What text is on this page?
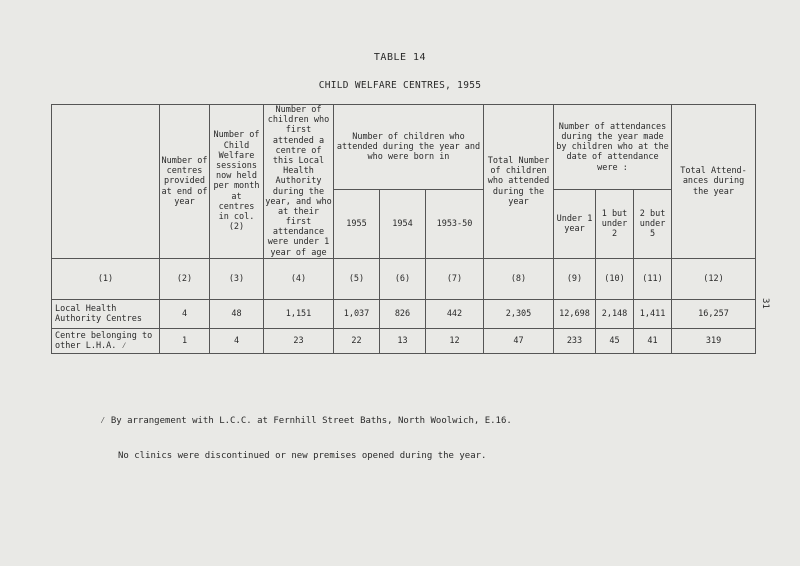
TABLE 14
CHILD WELFARE CENTRES, 1955
	Number of centres provided at end of year	Number of Child Welfare sessions now held per month at centres in col. (2)	Number of children who first attended a centre of this Local Health Authority during the year, and who at their first attendance were under 1 year of age	Number of children who attended during the year and who were born in			Total Number of children who attended during the year	Number of attendances during the year made by children who at the date of attendance were :			Total Attend- ances during the year
				1955	1954	1953-50		Under 1 year	1 but under 2	2 but under 5	
(1)	(2)	(3)	(4)	(5)	(6)	(7)	(8)	(9)	(10)	(11)	(12)
Local Health Authority Centres	4	48	1,151	1,037	826	442	2,305	12,698	2,148	1,411	16,257
Centre belonging to other L.H.A. ⁄	1	4	23	22	13	12	47	233	45	41	319
⁄ By arrangement with L.C.C. at Fernhill Street Baths, North Woolwich, E.16.
No clinics were discontinued or new premises opened during the year.
31
